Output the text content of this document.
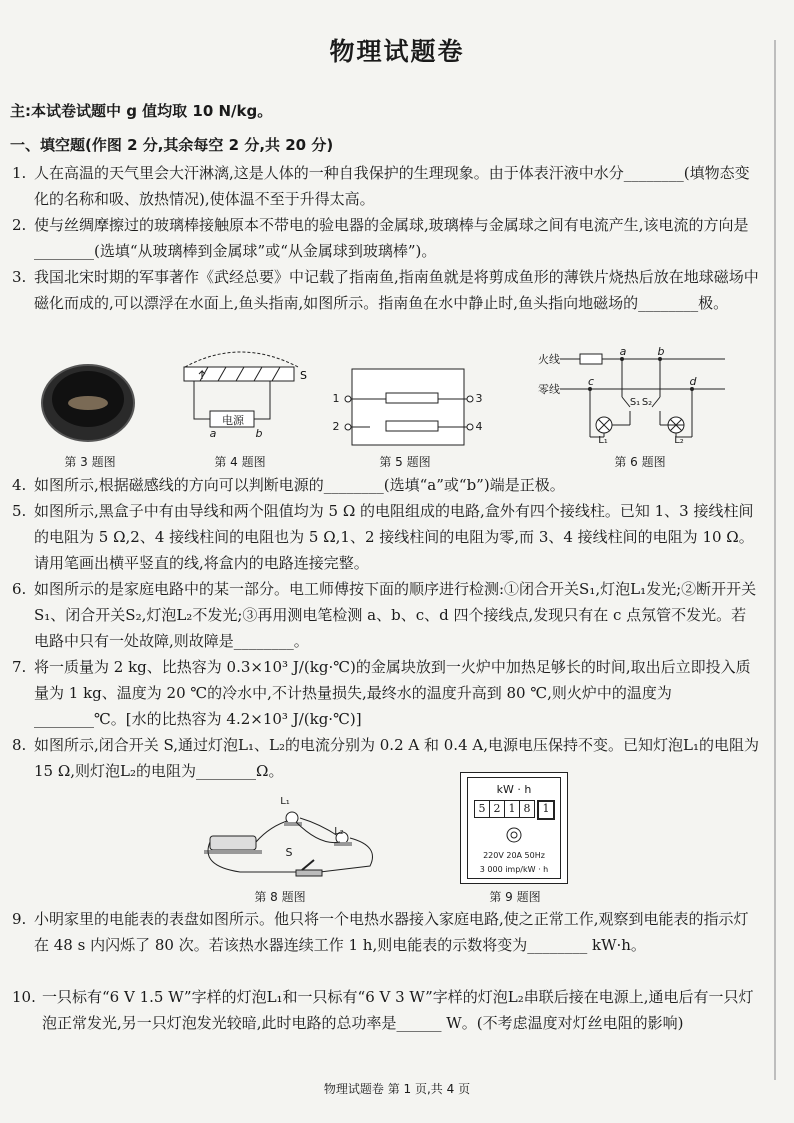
物理试题卷
主:本试卷试题中 g 值均取 10 N/kg。
一、填空题(作图 2 分,其余每空 2 分,共 20 分)
1. 人在高温的天气里会大汗淋漓,这是人体的一种自我保护的生理现象。由于体表汗液中水分________(填物态变化的名称和吸、放热情况),使体温不至于升得太高。
2. 使与丝绸摩擦过的玻璃棒接触原本不带电的验电器的金属球,玻璃棒与金属球之间有电流产生,该电流的方向是________(选填“从玻璃棒到金属球”或“从金属球到玻璃棒”)。
3. 我国北宋时期的军事著作《武经总要》中记载了指南鱼,指南鱼就是将剪成鱼形的薄铁片烧热后放在地球磁场中磁化而成的,可以漂浮在水面上,鱼头指南,如图所示。指南鱼在水中静止时,鱼头指向地磁场的________极。
第 3 题图
S
电源
a	b
第 4 题图
1
2
3
4
第 5 题图
火线
零线
a	b
c	d
S₁ S₂
L₁	L₂
第 6 题图
4. 如图所示,根据磁感线的方向可以判断电源的________(选填“a”或“b”)端是正极。
5. 如图所示,黑盒子中有由导线和两个阻值均为 5 Ω 的电阻组成的电路,盒外有四个接线柱。已知 1、3 接线柱间的电阻为 5 Ω,2、4 接线柱间的电阻也为 5 Ω,1、2 接线柱间的电阻为零,而 3、4 接线柱间的电阻为 10 Ω。请用笔画出横平竖直的线,将盒内的电路连接完整。
6. 如图所示的是家庭电路中的某一部分。电工师傅按下面的顺序进行检测:①闭合开关S₁,灯泡L₁发光;②断开开关S₁、闭合开关S₂,灯泡L₂不发光;③再用测电笔检测 a、b、c、d 四个接线点,发现只有在 c 点氖管不发光。若电路中只有一处故障,则故障是________。
7. 将一质量为 2 kg、比热容为 0.3×10³ J/(kg·℃)的金属块放到一火炉中加热足够长的时间,取出后立即投入质量为 1 kg、温度为 20 ℃的冷水中,不计热量损失,最终水的温度升高到 80 ℃,则火炉中的温度为________℃。[水的比热容为 4.2×10³ J/(kg·℃)]
8. 如图所示,闭合开关 S,通过灯泡L₁、L₂的电流分别为 0.2 A 和 0.4 A,电源电压保持不变。已知灯泡L₁的电阻为15 Ω,则灯泡L₂的电阻为________Ω。
L₁
L₂
S
第 8 题图
kW · h
5 2 1 8	1
220V 20A 50Hz
3 000 imp/kW · h
第 9 题图
9. 小明家里的电能表的表盘如图所示。他只将一个电热水器接入家庭电路,使之正常工作,观察到电能表的指示灯在 48 s 内闪烁了 80 次。若该热水器连续工作 1 h,则电能表的示数将变为________ kW·h。
10. 一只标有“6 V 1.5 W”字样的灯泡L₁和一只标有“6 V 3 W”字样的灯泡L₂串联后接在电源上,通电后有一只灯泡正常发光,另一只灯泡发光较暗,此时电路的总功率是______ W。(不考虑温度对灯丝电阻的影响)
物理试题卷 第 1 页,共 4 页
